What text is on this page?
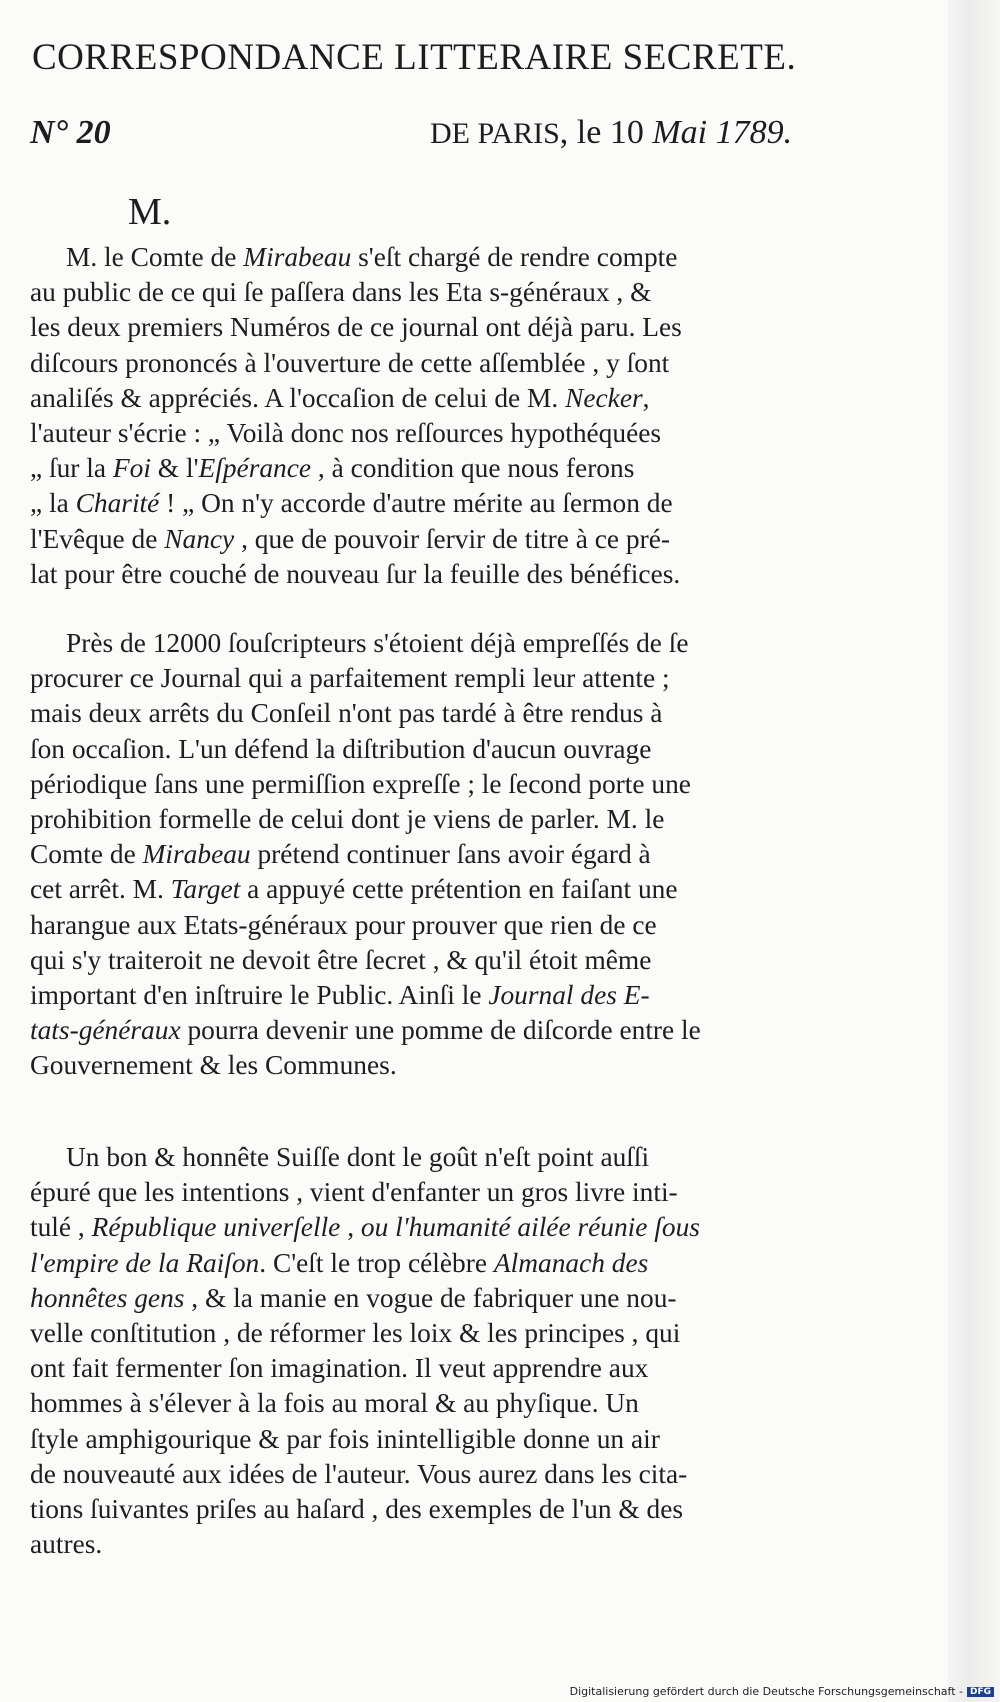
CORRESPONDANCE LITTERAIRE SECRETE.
N° 20	DE PARIS, le 10 Mai 1789.
M.
M. le Comte de Mirabeau s'eſt chargé de rendre compte
au public de ce qui ſe paſſera dans les Eta s-généraux , &
les deux premiers Numéros de ce journal ont déjà paru. Les
diſcours prononcés à l'ouverture de cette aſſemblée , y ſont
analiſés & appréciés. A l'occaſion de celui de M. Necker,
l'auteur s'écrie : „ Voilà donc nos reſſources hypothéquées
„ ſur la Foi & l'Eſpérance , à condition que nous ferons
„ la Charité ! „ On n'y accorde d'autre mérite au ſermon de
l'Evêque de Nancy , que de pouvoir ſervir de titre à ce pré-
lat pour être couché de nouveau ſur la feuille des bénéfices.
Près de 12000 ſouſcripteurs s'étoient déjà empreſſés de ſe
procurer ce Journal qui a parfaitement rempli leur attente ;
mais deux arrêts du Conſeil n'ont pas tardé à être rendus à
ſon occaſion. L'un défend la diſtribution d'aucun ouvrage
périodique ſans une permiſſion expreſſe ; le ſecond porte une
prohibition formelle de celui dont je viens de parler. M. le
Comte de Mirabeau prétend continuer ſans avoir égard à
cet arrêt. M. Target a appuyé cette prétention en faiſant une
harangue aux Etats-généraux pour prouver que rien de ce
qui s'y traiteroit ne devoit être ſecret , & qu'il étoit même
important d'en inſtruire le Public. Ainſi le Journal des E-
tats-généraux pourra devenir une pomme de diſcorde entre le
Gouvernement & les Communes.
Un bon & honnête Suiſſe dont le goût n'eſt point auſſi
épuré que les intentions , vient d'enfanter un gros livre inti-
tulé , République univerſelle , ou l'humanité ailée réunie ſous
l'empire de la Raiſon. C'eſt le trop célèbre Almanach des
honnêtes gens , & la manie en vogue de fabriquer une nou-
velle conſtitution , de réformer les loix & les principes , qui
ont fait fermenter ſon imagination. Il veut apprendre aux
hommes à s'élever à la fois au moral & au phyſique. Un
ſtyle amphigourique & par fois inintelligible donne un air
de nouveauté aux idées de l'auteur. Vous aurez dans les cita-
tions ſuivantes priſes au haſard , des exemples de l'un & des
autres.
Digitalisierung gefördert durch die Deutsche Forschungsgemeinschaft - DFG
